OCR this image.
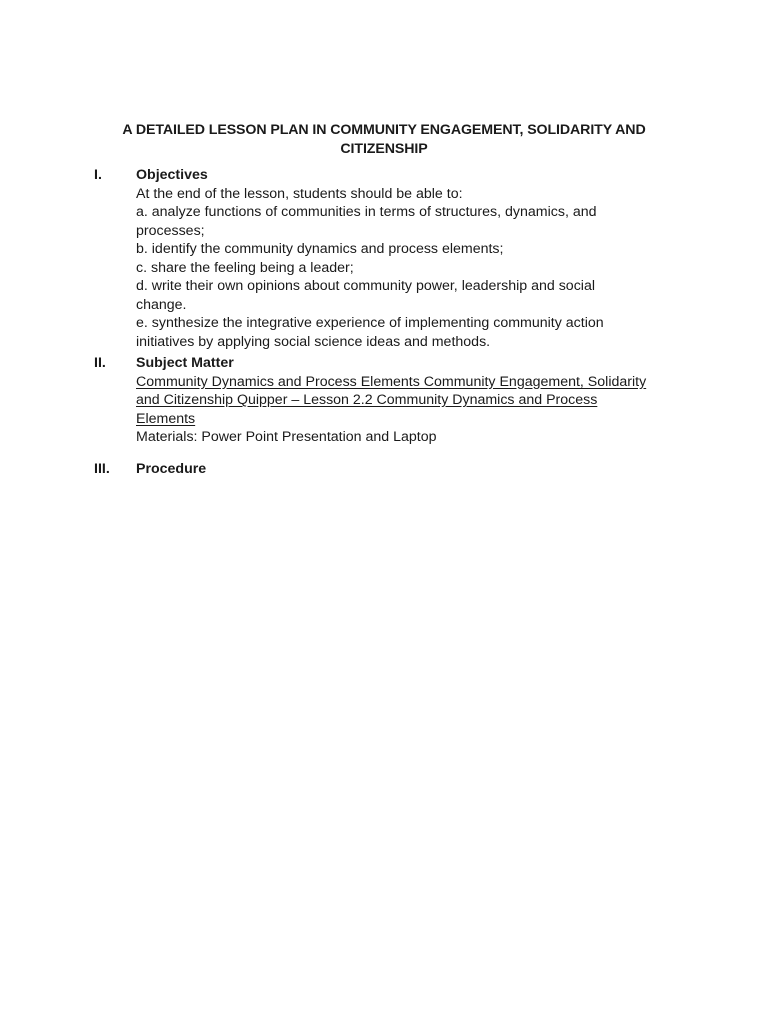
A DETAILED LESSON PLAN IN COMMUNITY ENGAGEMENT, SOLIDARITY AND
CITIZENSHIP
I.	Objectives
At the end of the lesson, students should be able to:
a. analyze functions of communities in terms of structures, dynamics, and
processes;
b. identify the community dynamics and process elements;
c. share the feeling being a leader;
d. write their own opinions about community power, leadership and social
change.
e. synthesize the integrative experience of implementing community action
initiatives by applying social science ideas and methods.
II.	Subject Matter
Community Dynamics and Process Elements Community Engagement, Solidarity
and Citizenship Quipper – Lesson 2.2 Community Dynamics and Process
Elements
Materials: Power Point Presentation and Laptop
III.	Procedure
